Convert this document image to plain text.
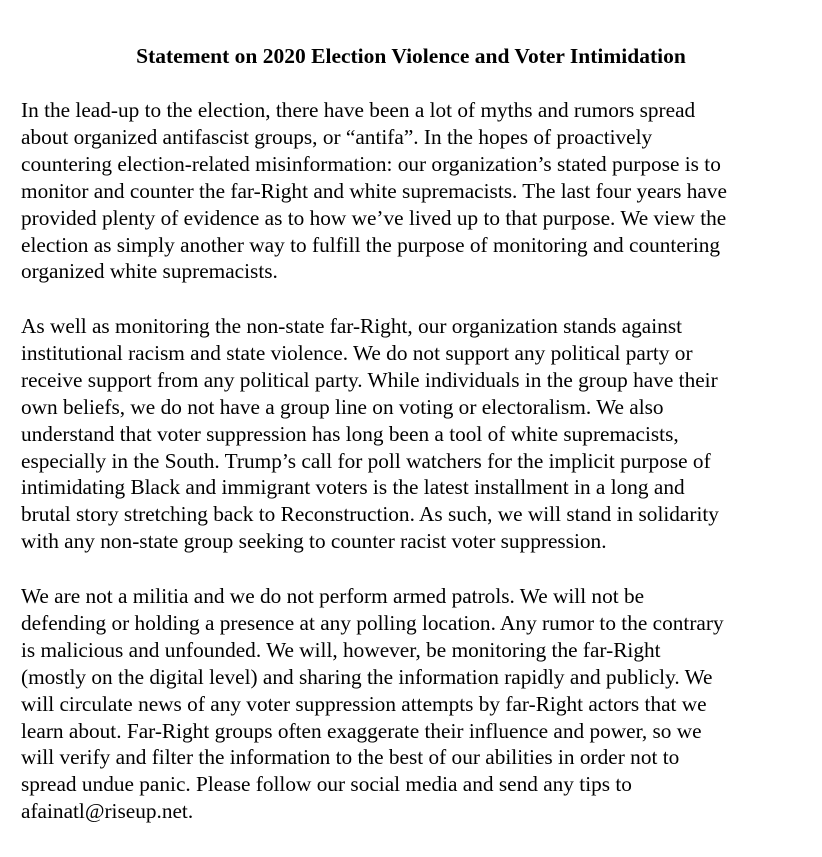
Statement on 2020 Election Violence and Voter Intimidation
In the lead-up to the election, there have been a lot of myths and rumors spread
about organized antifascist groups, or “antifa”. In the hopes of proactively
countering election-related misinformation: our organization’s stated purpose is to
monitor and counter the far-Right and white supremacists. The last four years have
provided plenty of evidence as to how we’ve lived up to that purpose. We view the
election as simply another way to fulfill the purpose of monitoring and countering
organized white supremacists.
As well as monitoring the non-state far-Right, our organization stands against
institutional racism and state violence. We do not support any political party or
receive support from any political party. While individuals in the group have their
own beliefs, we do not have a group line on voting or electoralism. We also
understand that voter suppression has long been a tool of white supremacists,
especially in the South. Trump’s call for poll watchers for the implicit purpose of
intimidating Black and immigrant voters is the latest installment in a long and
brutal story stretching back to Reconstruction. As such, we will stand in solidarity
with any non-state group seeking to counter racist voter suppression.
We are not a militia and we do not perform armed patrols. We will not be
defending or holding a presence at any polling location. Any rumor to the contrary
is malicious and unfounded. We will, however, be monitoring the far-Right
(mostly on the digital level) and sharing the information rapidly and publicly. We
will circulate news of any voter suppression attempts by far-Right actors that we
learn about. Far-Right groups often exaggerate their influence and power, so we
will verify and filter the information to the best of our abilities in order not to
spread undue panic. Please follow our social media and send any tips to
afainatl@riseup.net.
